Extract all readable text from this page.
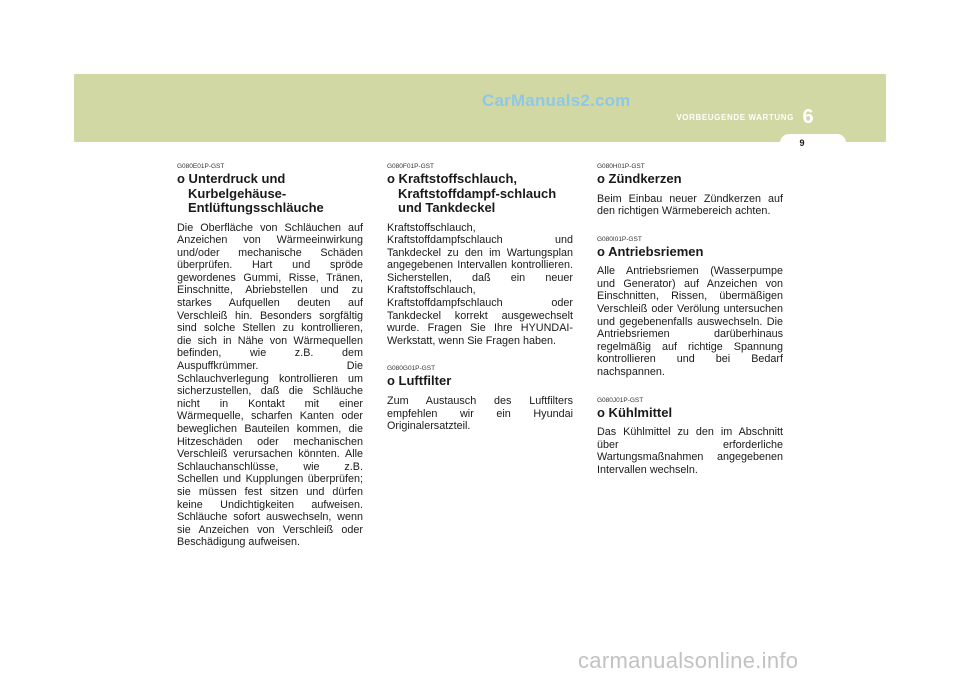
CarManuals2.com
VORBEUGENDE WARTUNG 6
9
G080E01P-GST
o Unterdruck und Kurbelgehäuse-Entlüftungsschläuche

Die Oberfläche von Schläuchen auf Anzeichen von Wärmeeinwirkung und/oder mechanische Schäden überprüfen. Hart und spröde gewordenes Gummi, Risse, Tränen, Einschnitte, Abriebstellen und zu starkes Aufquellen deuten auf Verschleiß hin. Besonders sorgfältig sind solche Stellen zu kontrollieren, die sich in Nähe von Wärmequellen befinden, wie z.B. dem Auspuffkrümmer. Die Schlauchverlegung kontrollieren um sicherzustellen, daß die Schläuche nicht in Kontakt mit einer Wärmequelle, scharfen Kanten oder beweglichen Bauteilen kommen, die Hitzeschäden oder mechanischen Verschleiß verursachen könnten. Alle Schlauchanschlüsse, wie z.B. Schellen und Kupplungen überprüfen; sie müssen fest sitzen und dürfen keine Undichtigkeiten aufweisen. Schläuche sofort auswechseln, wenn sie Anzeichen von Verschleiß oder Beschädigung aufweisen.

G080F01P-GST
o Kraftstoffschlauch, Kraftstoffdampf-schlauch und Tankdeckel

Kraftstoffschlauch, Kraftstoffdampfschlauch und Tankdeckel zu den im Wartungsplan angegebenen Intervallen kontrollieren. Sicherstellen, daß ein neuer Kraftstoffschlauch, Kraftstoffdampfschlauch oder Tankdeckel korrekt ausgewechselt wurde. Fragen Sie Ihre HYUNDAI-Werkstatt, wenn Sie Fragen haben.

G080G01P-GST
o Luftfilter

Zum Austausch des Luftfilters empfehlen wir ein Hyundai Originalersatzteil.

G080H01P-GST
o Zündkerzen

Beim Einbau neuer Zündkerzen auf den richtigen Wärmebereich achten.

G080I01P-GST
o Antriebsriemen

Alle Antriebsriemen (Wasserpumpe und Generator) auf Anzeichen von Einschnitten, Rissen, übermäßigen Verschleiß oder Verölung untersuchen und gegebenenfalls auswechseln. Die Antriebsriemen darüberhinaus regelmäßig auf richtige Spannung kontrollieren und bei Bedarf nachspannen.

G080J01P-GST
o Kühlmittel

Das Kühlmittel zu den im Abschnitt über erforderliche Wartungsmaßnahmen angegebenen Intervallen wechseln.

carmanualsonline.info
